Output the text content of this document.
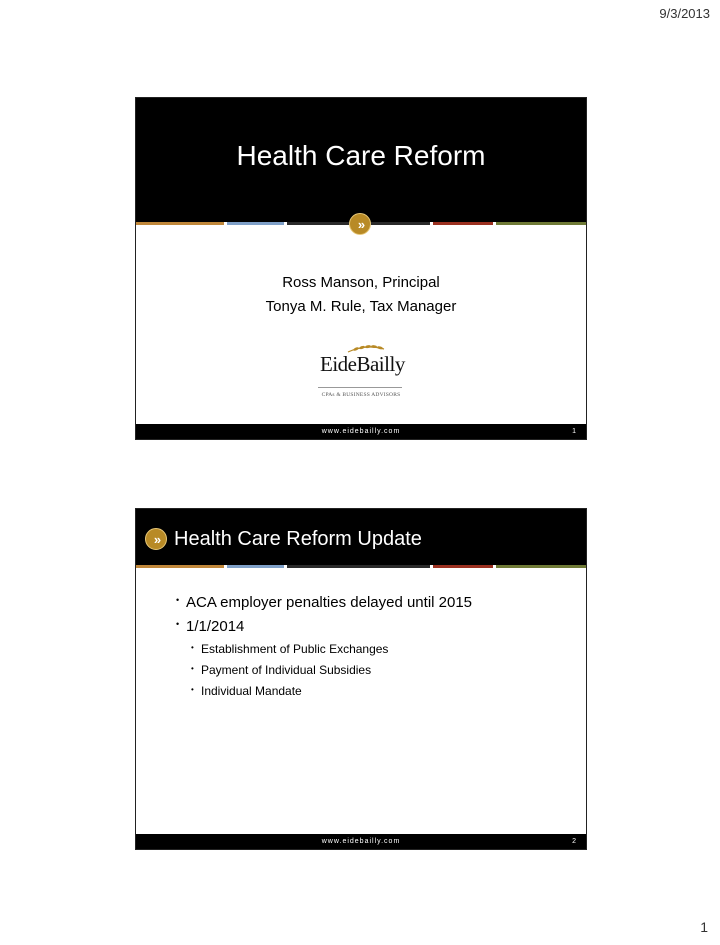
9/3/2013
Health Care Reform
»
Ross Manson, Principal
Tonya M. Rule, Tax Manager
EideBailly
CPAs & BUSINESS ADVISORS
www.eidebailly.com	1
Health Care Reform Update
»
• ACA employer penalties delayed until 2015
• 1/1/2014
• Establishment of Public Exchanges
• Payment of Individual Subsidies
• Individual Mandate
www.eidebailly.com	2
1
